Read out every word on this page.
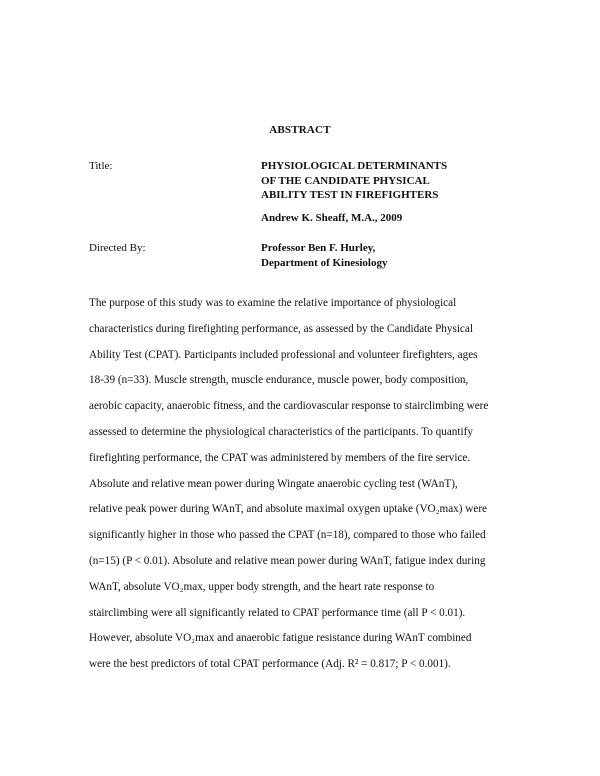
ABSTRACT
Title:	PHYSIOLOGICAL DETERMINANTS
OF THE CANDIDATE PHYSICAL
ABILITY TEST IN FIREFIGHTERS
Andrew K. Sheaff, M.A., 2009
Directed By:	Professor Ben F. Hurley,
Department of Kinesiology
The purpose of this study was to examine the relative importance of physiological
characteristics during firefighting performance, as assessed by the Candidate Physical
Ability Test (CPAT). Participants included professional and volunteer firefighters, ages
18-39 (n=33). Muscle strength, muscle endurance, muscle power, body composition,
aerobic capacity, anaerobic fitness, and the cardiovascular response to stairclimbing were
assessed to determine the physiological characteristics of the participants. To quantify
firefighting performance, the CPAT was administered by members of the fire service.
Absolute and relative mean power during Wingate anaerobic cycling test (WAnT),
relative peak power during WAnT, and absolute maximal oxygen uptake (VO₂max) were
significantly higher in those who passed the CPAT (n=18), compared to those who failed
(n=15) (P < 0.01). Absolute and relative mean power during WAnT, fatigue index during
WAnT, absolute VO₂max, upper body strength, and the heart rate response to
stairclimbing were all significantly related to CPAT performance time (all P < 0.01).
However, absolute VO₂max and anaerobic fatigue resistance during WAnT combined
were the best predictors of total CPAT performance (Adj. R² = 0.817; P < 0.001).
